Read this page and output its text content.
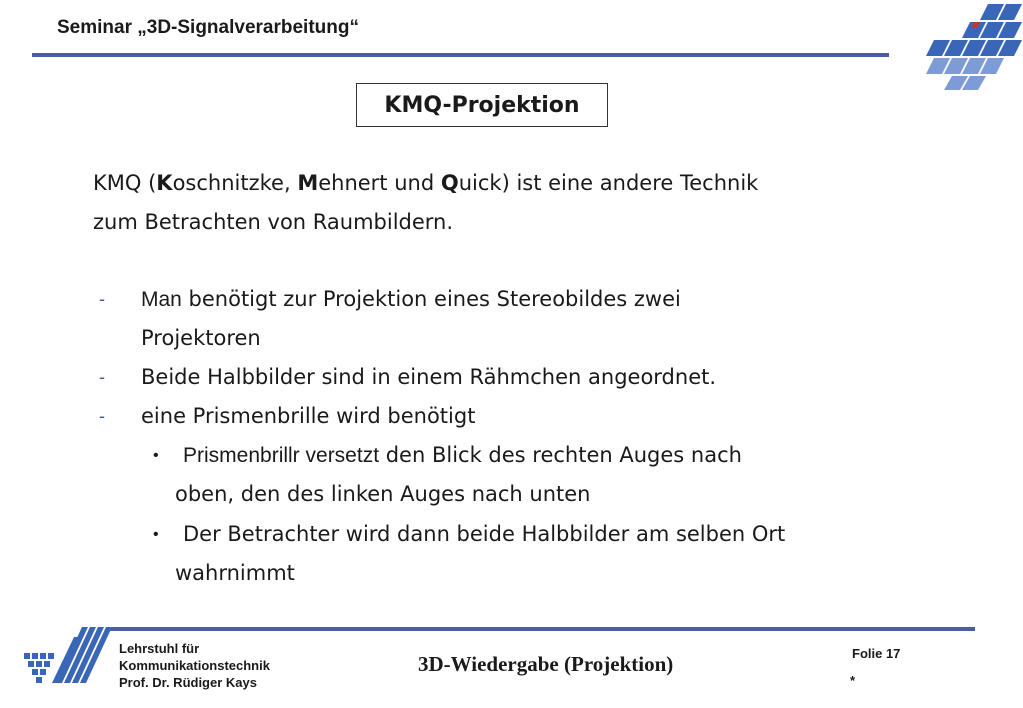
Seminar „3D-Signalverarbeitung“
KMQ-Projektion
KMQ (Koschnitzke, Mehnert und Quick) ist eine andere Technik
zum Betrachten von Raumbildern.
- Man benötigt zur Projektion eines Stereobildes zwei
Projektoren
- Beide Halbbilder sind in einem Rähmchen angeordnet.
- eine Prismenbrille wird benötigt
• Prismenbrillr versetzt den Blick des rechten Auges nach
oben, den des linken Auges nach unten
• Der Betrachter wird dann beide Halbbilder am selben Ort
wahrnimmt
Lehrstuhl für
Kommunikationstechnik
Prof. Dr. Rüdiger Kays
3D-Wiedergabe (Projektion)	Folie 17
*
